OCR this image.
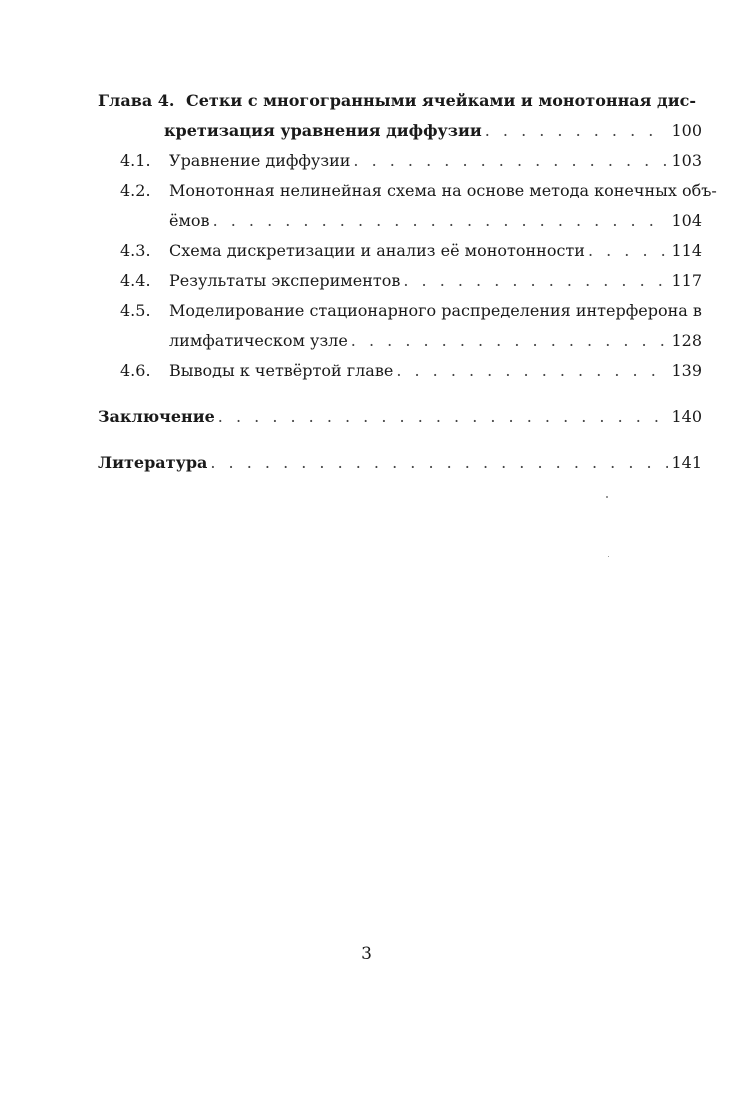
Глава 4. Сетки с многогранными ячейками и монотонная дис-
кретизация уравнения диффузии . . .	100
4.1.	Уравнение диффузии . . .	103
4.2.	Монотонная нелинейная схема на основе метода конечных объ-
ёмов . . .	104
4.3.	Схема дискретизации и анализ её монотонности . . .	114
4.4.	Результаты экспериментов . . .	117
4.5.	Моделирование стационарного распределения интерферона в
лимфатическом узле . . .	128
4.6.	Выводы к четвёртой главе . . .	139
Заключение . . .	140
Литература . . .	141
3
